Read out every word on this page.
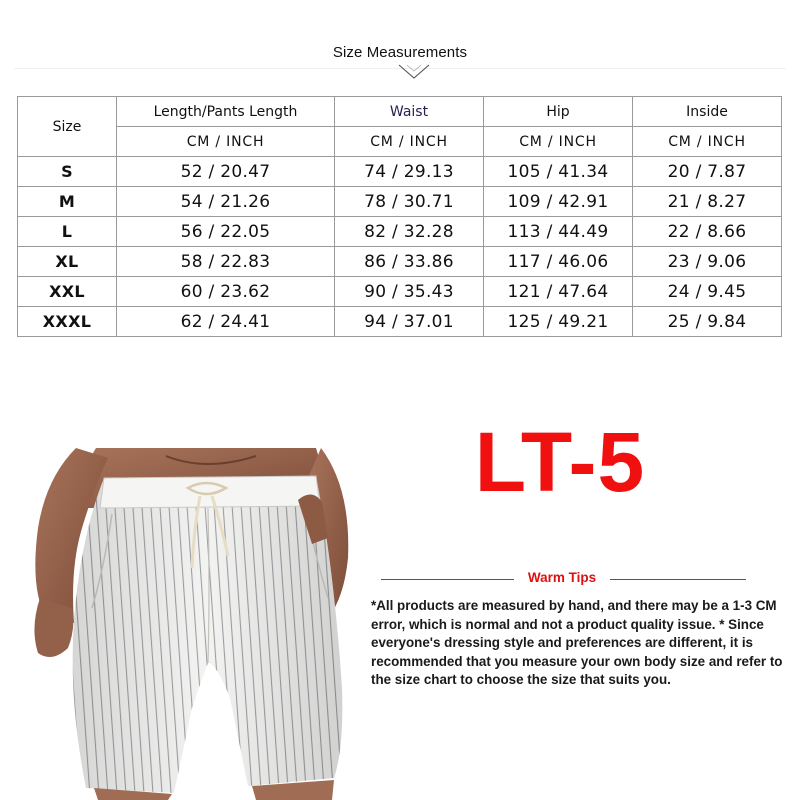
Size Measurements
Size	Length/Pants Length	Waist	Hip	Inside
	CM / INCH	CM / INCH	CM / INCH	CM / INCH
S	52 / 20.47	74 / 29.13	105 / 41.34	20 / 7.87
M	54 / 21.26	78 / 30.71	109 / 42.91	21 / 8.27
L	56 / 22.05	82 / 32.28	113 / 44.49	22 / 8.66
XL	58 / 22.83	86 / 33.86	117 / 46.06	23 / 9.06
XXL	60 / 23.62	90 / 35.43	121 / 47.64	24 / 9.45
XXXL	62 / 24.41	94 / 37.01	125 / 49.21	25 / 9.84
LT-5
Warm Tips

*All products are measured by hand, and there may be a 1-3 CM error, which is normal and not a product quality issue. * Since everyone's dressing style and preferences are different, it is recommended that you measure your own body size and refer to the size chart to choose the size that suits you.
